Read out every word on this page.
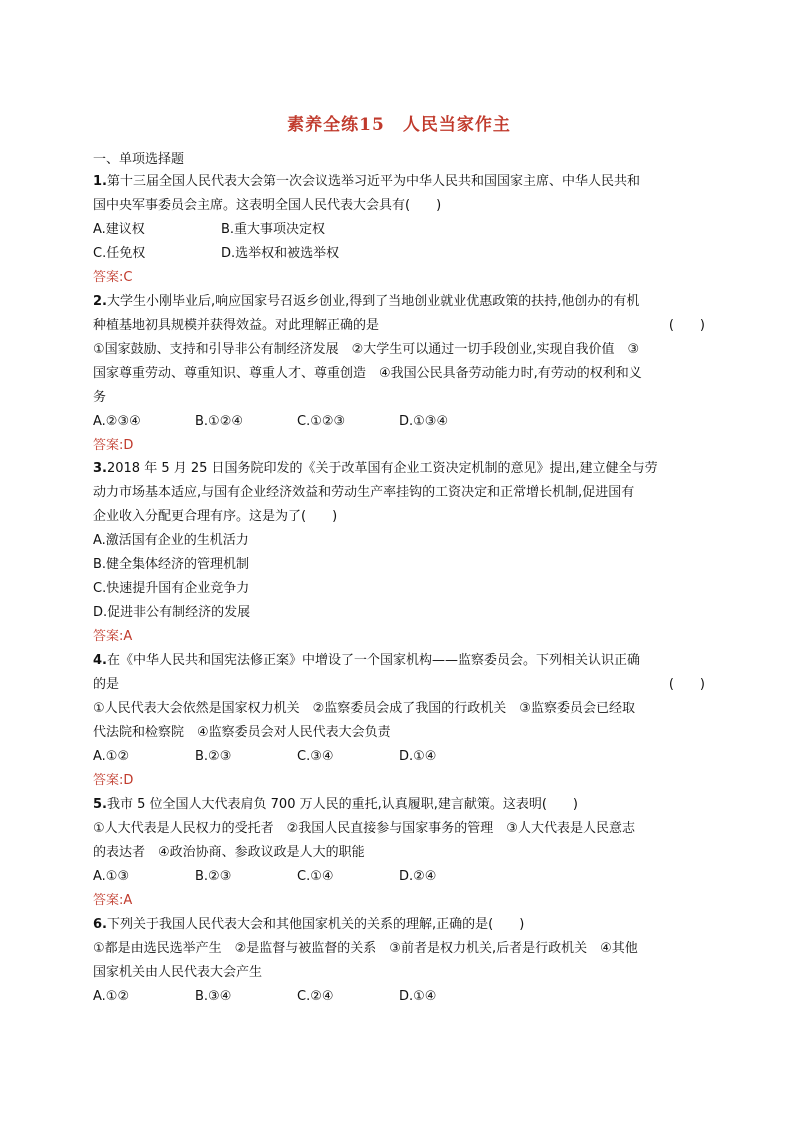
素养全练15　人民当家作主
一、单项选择题
1.第十三届全国人民代表大会第一次会议选举习近平为中华人民共和国国家主席、中华人民共和
国中央军事委员会主席。这表明全国人民代表大会具有(　　)
A.建议权	B.重大事项决定权
C.任免权	D.选举权和被选举权
答案:C
2.大学生小刚毕业后,响应国家号召返乡创业,得到了当地创业就业优惠政策的扶持,他创办的有机
种植基地初具规模并获得效益。对此理解正确的是	(　　)
①国家鼓励、支持和引导非公有制经济发展　②大学生可以通过一切手段创业,实现自我价值　③
国家尊重劳动、尊重知识、尊重人才、尊重创造　④我国公民具备劳动能力时,有劳动的权利和义
务
A.②③④	B.①②④	C.①②③	D.①③④
答案:D
3.2018 年 5 月 25 日国务院印发的《关于改革国有企业工资决定机制的意见》提出,建立健全与劳
动力市场基本适应,与国有企业经济效益和劳动生产率挂钩的工资决定和正常增长机制,促进国有
企业收入分配更合理有序。这是为了(　　)
A.激活国有企业的生机活力
B.健全集体经济的管理机制
C.快速提升国有企业竞争力
D.促进非公有制经济的发展
答案:A
4.在《中华人民共和国宪法修正案》中增设了一个国家机构——监察委员会。下列相关认识正确
的是	(　　)
①人民代表大会依然是国家权力机关　②监察委员会成了我国的行政机关　③监察委员会已经取
代法院和检察院　④监察委员会对人民代表大会负责
A.①②	B.②③	C.③④	D.①④
答案:D
5.我市 5 位全国人大代表肩负 700 万人民的重托,认真履职,建言献策。这表明(　　)
①人大代表是人民权力的受托者　②我国人民直接参与国家事务的管理　③人大代表是人民意志
的表达者　④政治协商、参政议政是人大的职能
A.①③	B.②③	C.①④	D.②④
答案:A
6.下列关于我国人民代表大会和其他国家机关的关系的理解,正确的是(　　)
①都是由选民选举产生　②是监督与被监督的关系　③前者是权力机关,后者是行政机关　④其他
国家机关由人民代表大会产生
A.①②	B.③④	C.②④	D.①④
